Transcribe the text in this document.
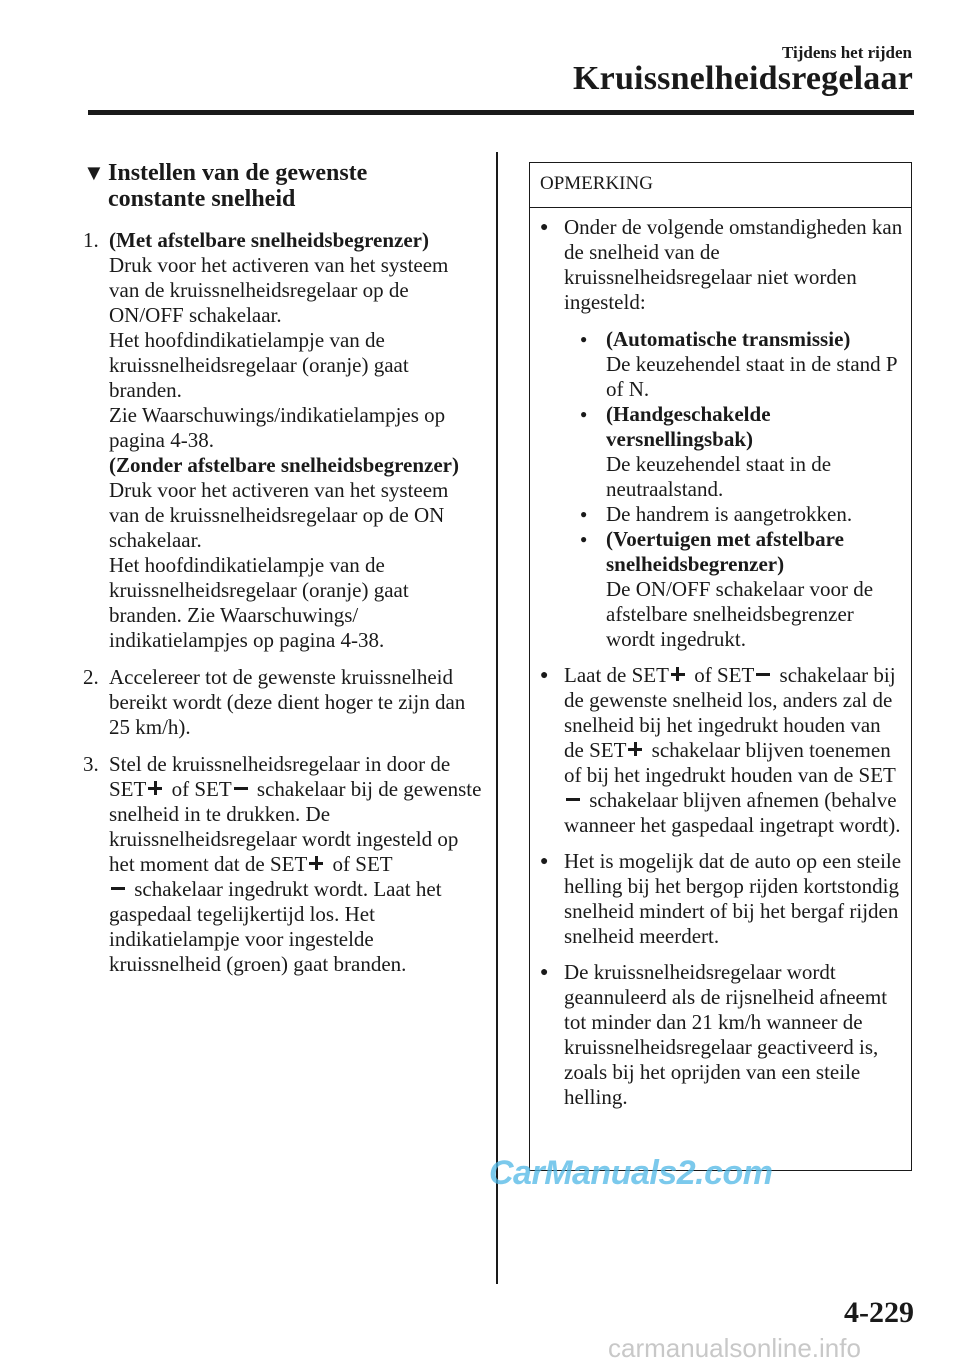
Tijdens het rijden
Kruissnelheidsregelaar
▼ Instellen van de gewenste
constante snelheid
1. (Met afstelbare snelheidsbegrenzer)
Druk voor het activeren van het systeem van de kruissnelheidsregelaar op de ON/OFF schakelaar.
Het hoofdindikatielampje van de kruissnelheidsregelaar (oranje) gaat branden.
Zie Waarschuwings/indikatielampjes op pagina 4-38.
(Zonder afstelbare snelheidsbegrenzer)
Druk voor het activeren van het systeem van de kruissnelheidsregelaar op de ON schakelaar.
Het hoofdindikatielampje van de kruissnelheidsregelaar (oranje) gaat branden. Zie Waarschuwings/ indikatielampjes op pagina 4-38.
2. Accelereer tot de gewenste kruissnelheid bereikt wordt (deze dient hoger te zijn dan 25 km/h).
3. Stel de kruissnelheidsregelaar in door de SET of SET schakelaar bij de gewenste snelheid in te drukken. De kruissnelheidsregelaar wordt ingesteld op het moment dat de SET of SET
schakelaar ingedrukt wordt. Laat het gaspedaal tegelijkertijd los. Het indikatielampje voor ingestelde kruissnelheid (groen) gaat branden.
OPMERKING
● Onder de volgende omstandigheden kan de snelheid van de kruissnelheidsregelaar niet worden ingesteld:
● (Automatische transmissie)
De keuzehendel staat in de stand P of N.
● (Handgeschakelde versnellingsbak)
De keuzehendel staat in de neutraalstand.
● De handrem is aangetrokken.
● (Voertuigen met afstelbare snelheidsbegrenzer)
De ON/OFF schakelaar voor de afstelbare snelheidsbegrenzer wordt ingedrukt.
● Laat de SET of SET schakelaar bij de gewenste snelheid los, anders zal de snelheid bij het ingedrukt houden van de SET schakelaar blijven toenemen of bij het ingedrukt houden van de SET schakelaar blijven afnemen (behalve wanneer het gaspedaal ingetrapt wordt).
● Het is mogelijk dat de auto op een steile helling bij het bergop rijden kortstondig snelheid mindert of bij het bergaf rijden snelheid meerdert.
● De kruissnelheidsregelaar wordt geannuleerd als de rijsnelheid afneemt tot minder dan 21 km/h wanneer de kruissnelheidsregelaar geactiveerd is, zoals bij het oprijden van een steile helling.
CarManuals2.com
4-229
carmanualsonline.info
